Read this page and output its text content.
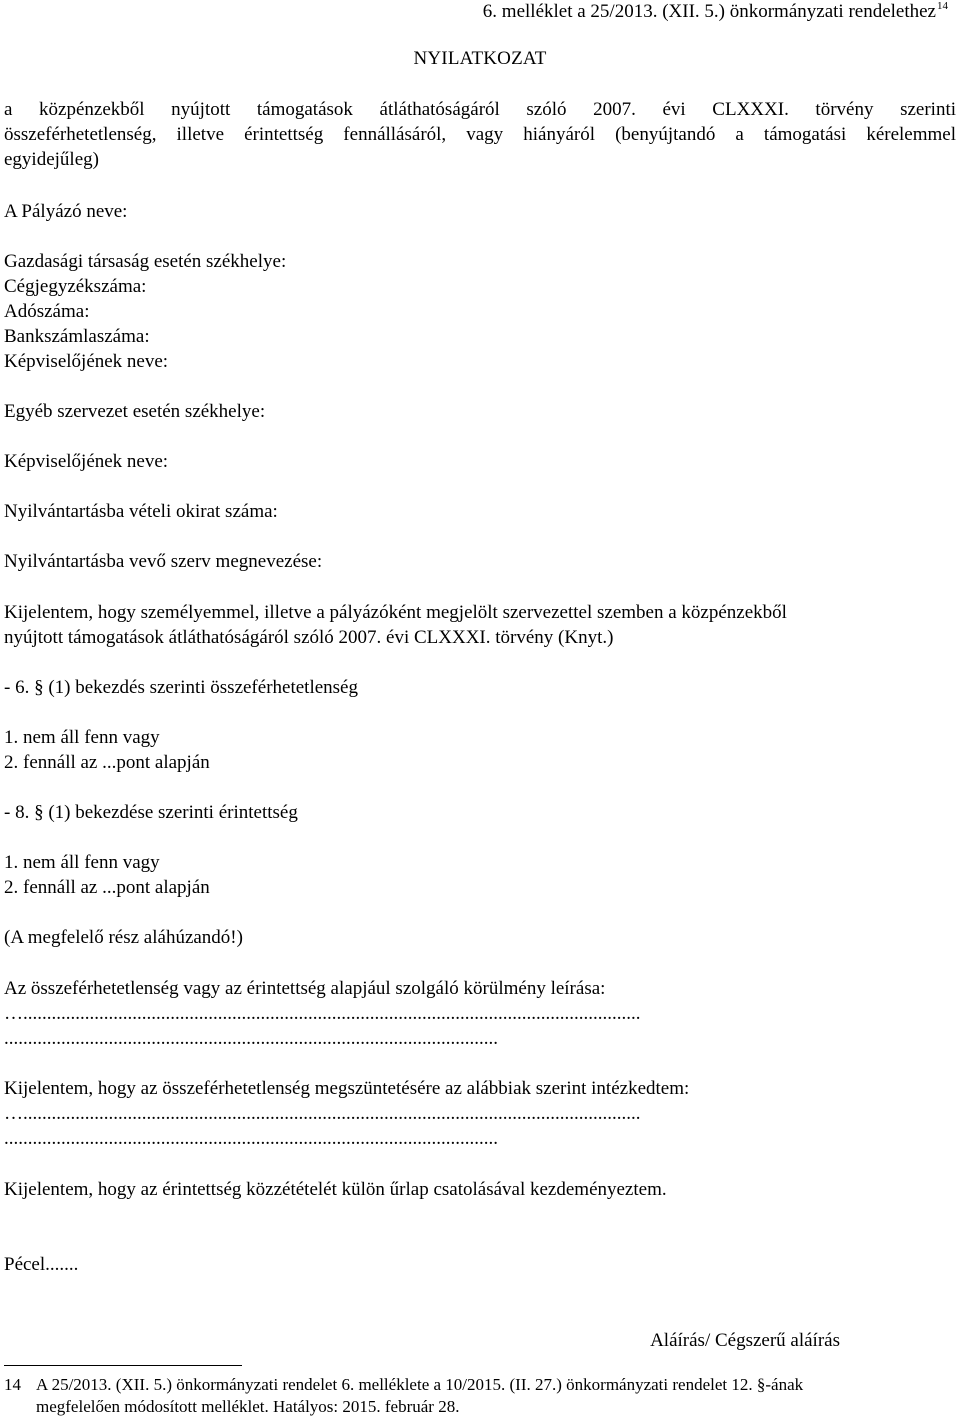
6. melléklet a 25/2013. (XII. 5.) önkormányzati rendelethez$^{14}$
NYILATKOZAT
a közpénzekből nyújtott támogatások átláthatóságáról szóló 2007. évi CLXXXI. törvény szerinti
összeférhetetlenség, illetve érintettség fennállásáról, vagy hiányáról (benyújtandó a támogatási kérelemmel
egyidejűleg)
A Pályázó neve:
Gazdasági társaság esetén székhelye:
Cégjegyzékszáma:
Adószáma:
Bankszámlaszáma:
Képviselőjének neve:
Egyéb szervezet esetén székhelye:
Képviselőjének neve:
Nyilvántartásba vételi okirat száma:
Nyilvántartásba vevő szerv megnevezése:
Kijelentem, hogy személyemmel, illetve a pályázóként megjelölt szervezettel szemben a közpénzekből
nyújtott támogatások átláthatóságáról szóló 2007. évi CLXXXI. törvény (Knyt.)
- 6. § (1) bekezdés szerinti összeférhetetlenség
1. nem áll fenn vagy
2. fennáll az ...pont alapján
- 8. § (1) bekezdése szerinti érintettség
1. nem áll fenn vagy
2. fennáll az ...pont alapján
(A megfelelő rész aláhúzandó!)
Az összeférhetetlenség vagy az érintettség alapjául szolgáló körülmény leírása:
…..................................................................................................................................
........................................................................................................
Kijelentem, hogy az összeférhetetlenség megszüntetésére az alábbiak szerint intézkedtem:
…..................................................................................................................................
........................................................................................................
Kijelentem, hogy az érintettség közzétételét külön űrlap csatolásával kezdeményeztem.
Pécel.......
Aláírás/ Cégszerű aláírás
14 A 25/2013. (XII. 5.) önkormányzati rendelet 6. melléklete a 10/2015. (II. 27.) önkormányzati rendelet 12. §-ának
megfelelően módosított melléklet. Hatályos: 2015. február 28.
